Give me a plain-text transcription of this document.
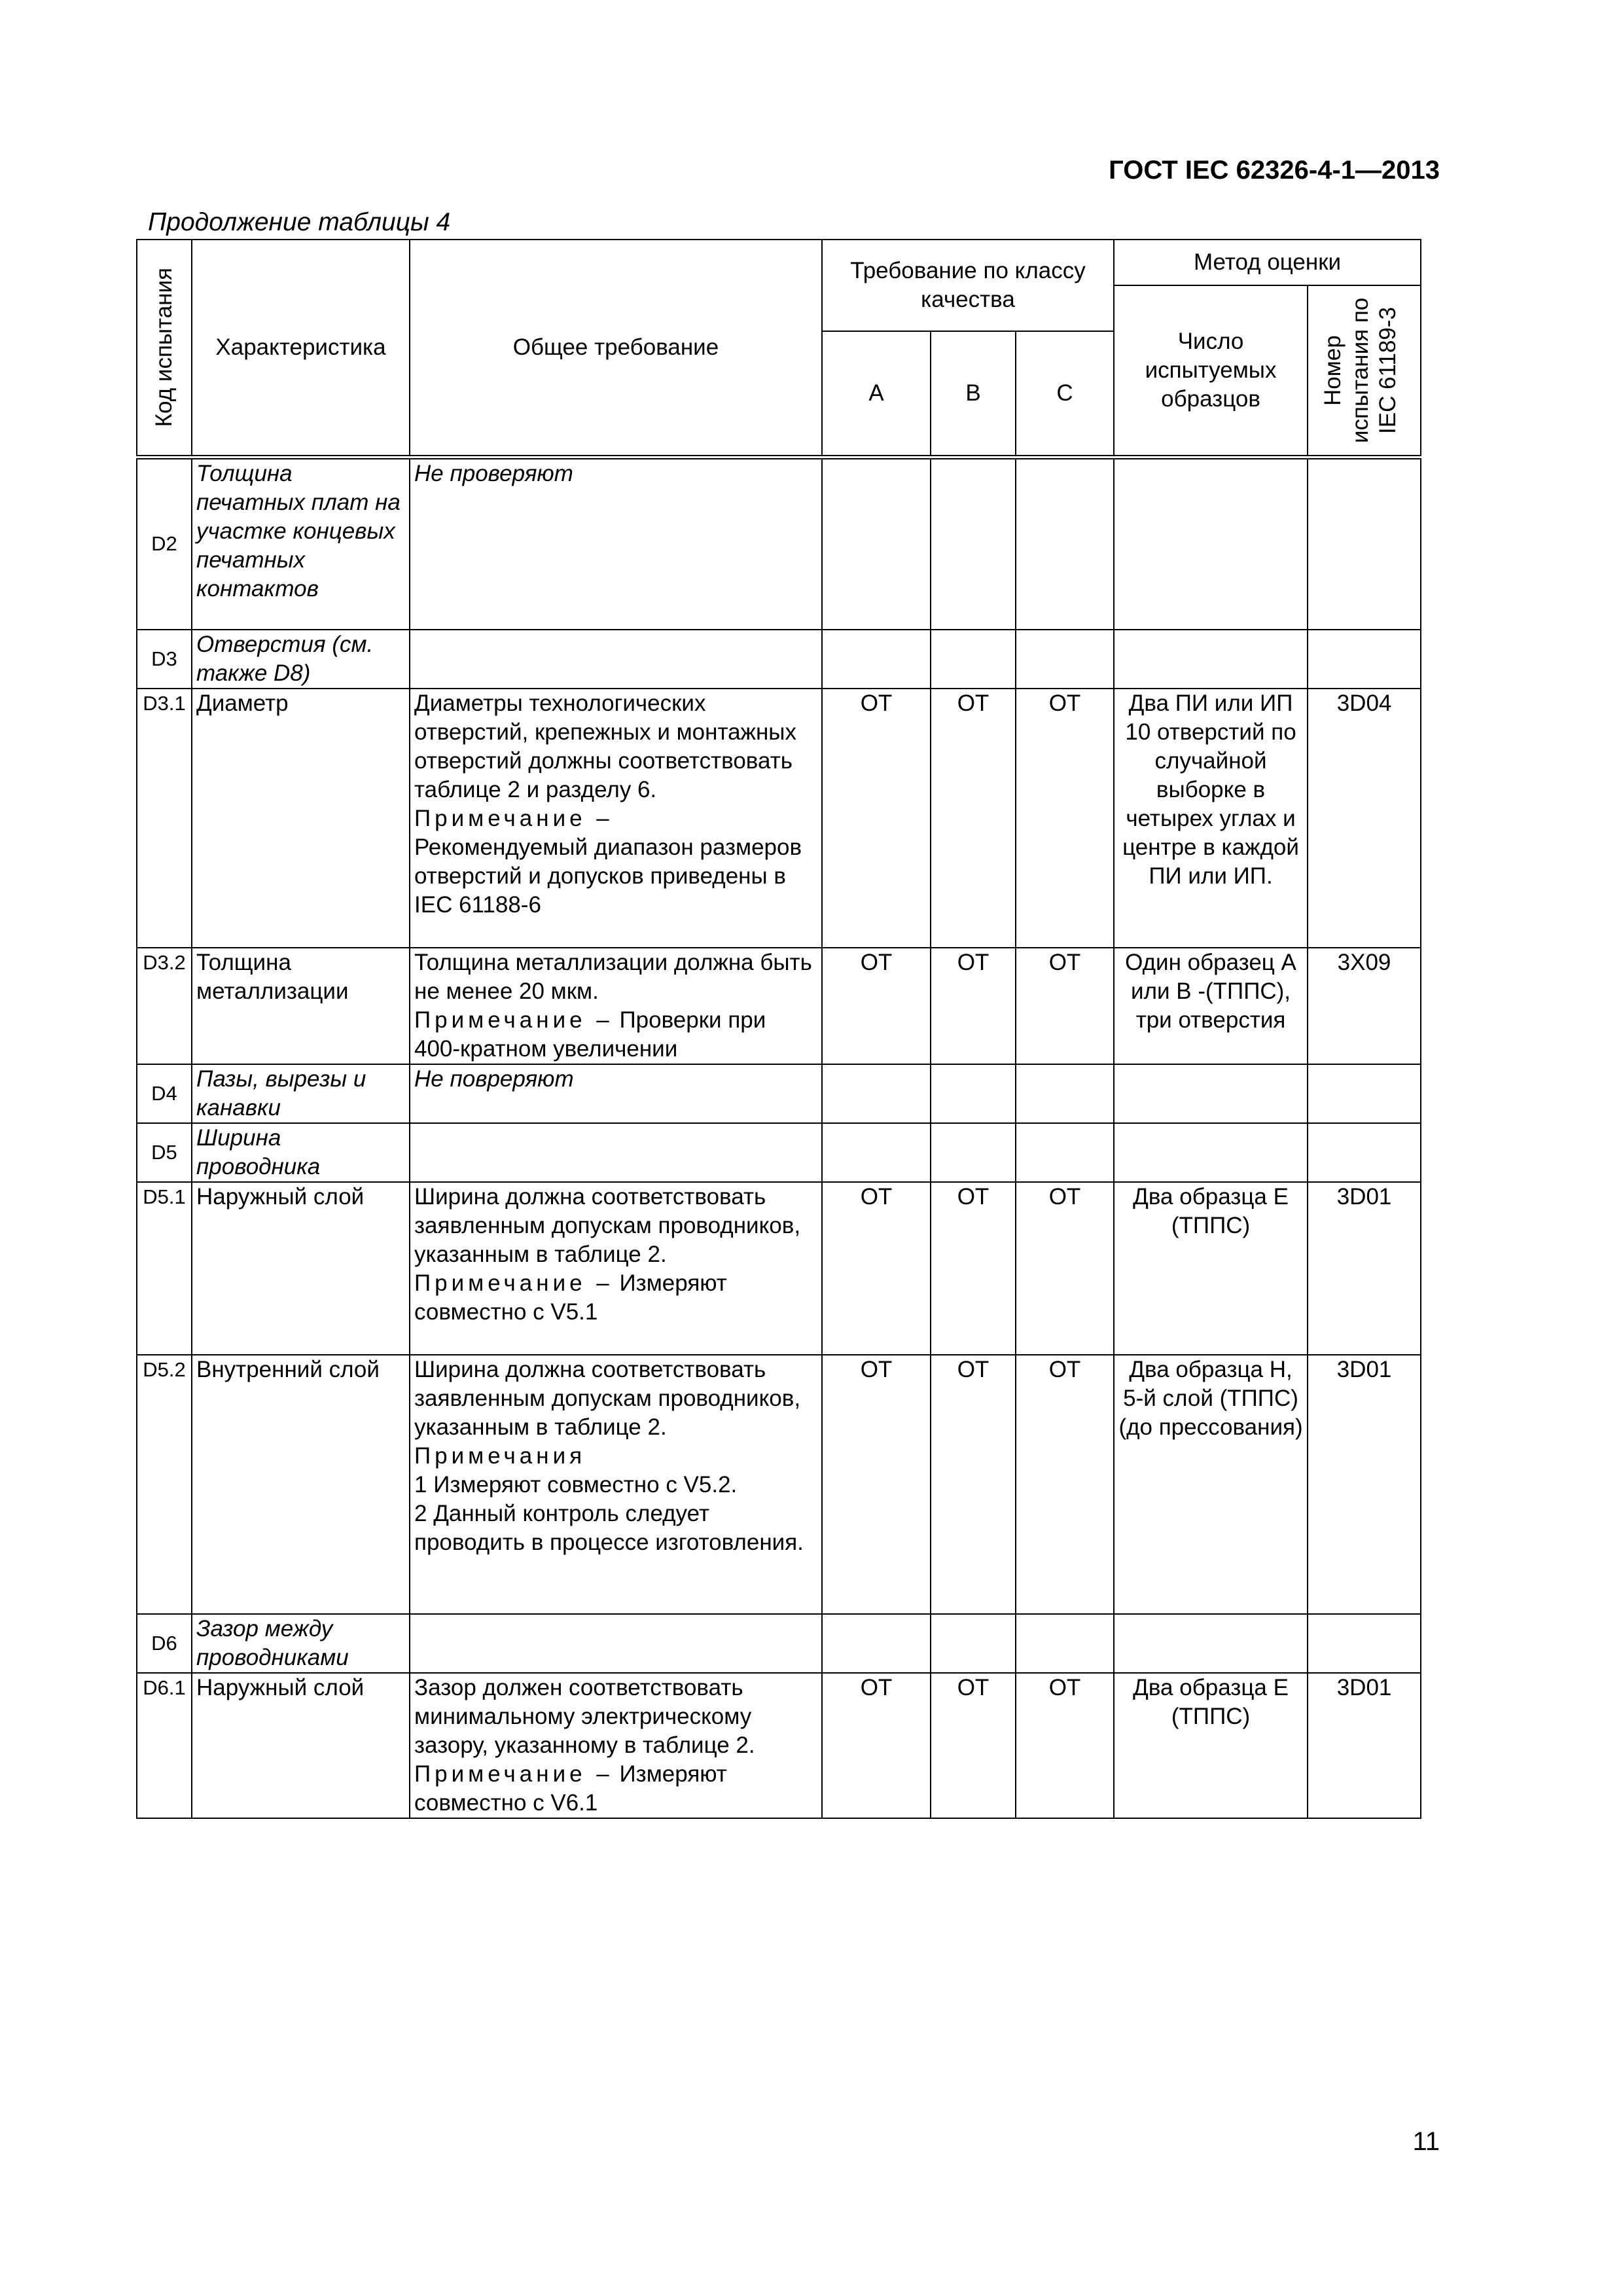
ГОСТ IEC 62326-4-1—2013
Продолжение таблицы 4
Код испытания	Характеристика	Общее требование	Требование по классу качества			Метод оценки	
						Число испытуемых образцов	Номер испытания по IEC 61189-3

			A	B	C		
D2	Толщина печатных плат на участке концевых печатных контактов	Не проверяют					
D3	Отверстия (см. также D8)						
D3.1	Диаметр	Диаметры технологических отверстий, крепежных и монтажных отверстий должны соответствовать таблице 2 и разделу 6.
Примечание –
Рекомендуемый диапазон размеров отверстий и допусков приведены в IEC 61188-6	ОТ	ОТ	ОТ	Два ПИ или ИП 10 отверстий по случайной выборке в четырех углах и центре в каждой ПИ или ИП.	3D04
D3.2	Толщина металлизации	Толщина металлизации должна быть не менее 20 мкм.
Примечание – Проверки при 400-кратном увеличении	ОТ	ОТ	ОТ	Один образец A или B -(ТППС), три отверстия	3X09
D4	Пазы, вырезы и канавки	Не повреряют					
D5	Ширина проводника						
D5.1	Наружный слой	Ширина должна соответствовать заявленным допускам проводников, указанным в таблице 2.
Примечание – Измеряют совместно с V5.1	ОТ	ОТ	ОТ	Два образца E (ТППС)	3D01
D5.2	Внутренний слой	Ширина должна соответствовать заявленным допускам проводников, указанным в таблице 2.
Примечания
1 Измеряют совместно с V5.2.
2 Данный контроль следует проводить в процессе изготовления.	ОТ	ОТ	ОТ	Два образца H, 5-й слой (ТППС) (до прессования)	3D01
D6	Зазор между проводниками						
D6.1	Наружный слой	Зазор должен соответствовать минимальному электрическому зазору, указанному в таблице 2.
Примечание – Измеряют совместно с V6.1	ОТ	ОТ	ОТ	Два образца E (ТППС)	3D01
11
